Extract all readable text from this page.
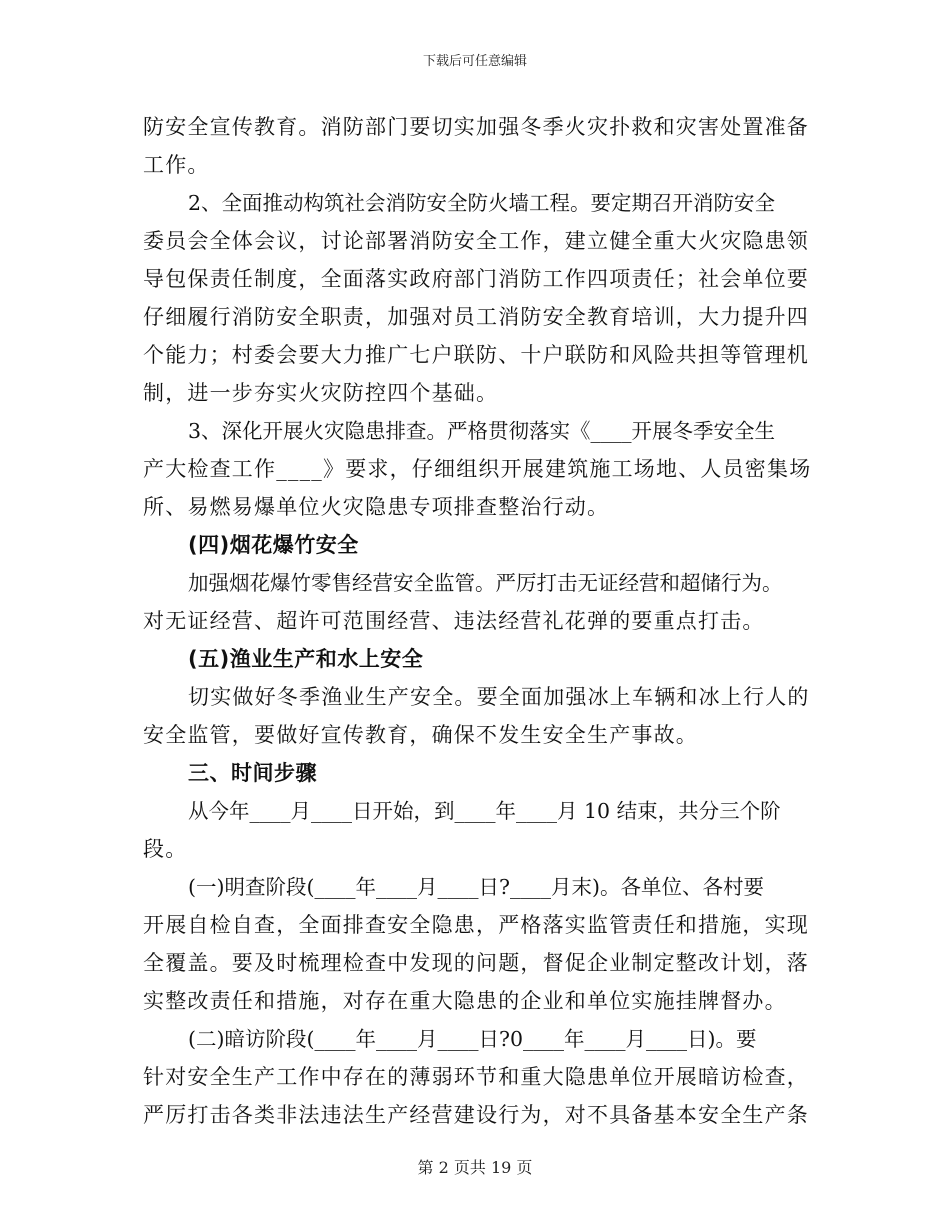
下载后可任意编辑
防安全宣传教育。消防部门要切实加强冬季火灾扑救和灾害处置准备
工作。
2、全面推动构筑社会消防安全防火墙工程。要定期召开消防安全
委员会全体会议，讨论部署消防安全工作，建立健全重大火灾隐患领
导包保责任制度，全面落实政府部门消防工作四项责任；社会单位要
仔细履行消防安全职责，加强对员工消防安全教育培训，大力提升四
个能力；村委会要大力推广七户联防、十户联防和风险共担等管理机
制，进一步夯实火灾防控四个基础。
3、深化开展火灾隐患排查。严格贯彻落实《____开展冬季安全生
产大检查工作____》要求，仔细组织开展建筑施工场地、人员密集场
所、易燃易爆单位火灾隐患专项排查整治行动。
(四)烟花爆竹安全
加强烟花爆竹零售经营安全监管。严厉打击无证经营和超储行为。
对无证经营、超许可范围经营、违法经营礼花弹的要重点打击。
(五)渔业生产和水上安全
切实做好冬季渔业生产安全。要全面加强冰上车辆和冰上行人的
安全监管，要做好宣传教育，确保不发生安全生产事故。
三、时间步骤
从今年____月____日开始，到____年____月 10 结束，共分三个阶
段。
(一)明查阶段(____年____月____日?____月末)。各单位、各村要
开展自检自查，全面排查安全隐患，严格落实监管责任和措施，实现
全覆盖。要及时梳理检查中发现的问题，督促企业制定整改计划，落
实整改责任和措施，对存在重大隐患的企业和单位实施挂牌督办。
(二)暗访阶段(____年____月____日?0____年____月____日)。要
针对安全生产工作中存在的薄弱环节和重大隐患单位开展暗访检查，
严厉打击各类非法违法生产经营建设行为，对不具备基本安全生产条
第 2 页共 19 页
